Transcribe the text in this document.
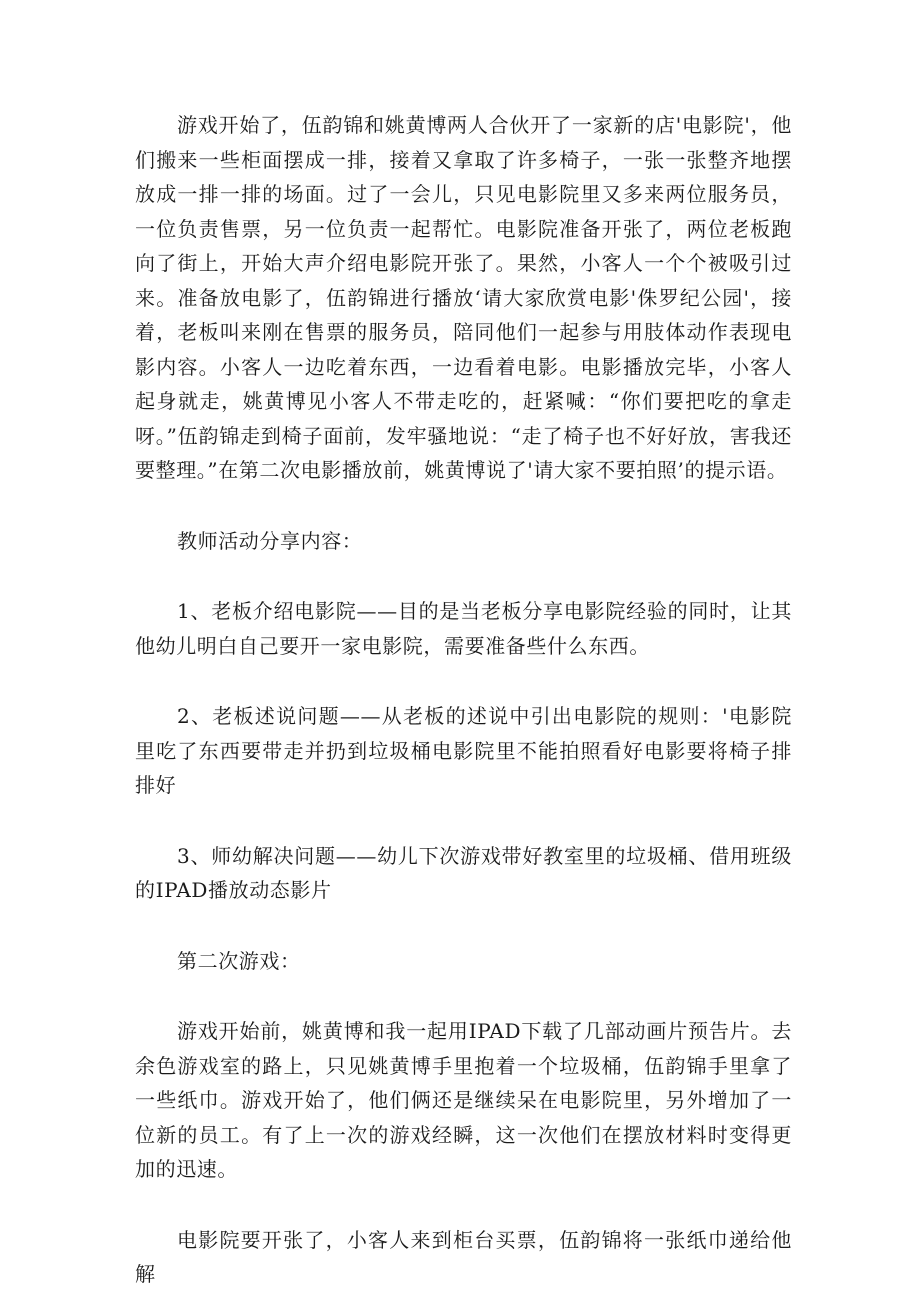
游戏开始了，伍韵锦和姚黄博两人合伙开了一家新的店'电影院'，他们搬来一些柜面摆成一排，接着又拿取了许多椅子，一张一张整齐地摆放成一排一排的场面。过了一会儿，只见电影院里又多来两位服务员，一位负责售票，另一位负责一起帮忙。电影院准备开张了，两位老板跑向了街上，开始大声介绍电影院开张了。果然，小客人一个个被吸引过来。准备放电影了，伍韵锦进行播放‘请大家欣赏电影'侏罗纪公园'，接着，老板叫来刚在售票的服务员，陪同他们一起参与用肢体动作表现电影内容。小客人一边吃着东西，一边看着电影。电影播放完毕，小客人起身就走，姚黄博见小客人不带走吃的，赶紧喊：“你们要把吃的拿走呀。”伍韵锦走到椅子面前，发牢骚地说：“走了椅子也不好好放，害我还要整理。”在第二次电影播放前，姚黄博说了'请大家不要拍照’的提示语。

教师活动分享内容：

1、老板介绍电影院——目的是当老板分享电影院经验的同时，让其他幼儿明白自己要开一家电影院，需要准备些什么东西。

2、老板述说问题——从老板的述说中引出电影院的规则：'电影院里吃了东西要带走并扔到垃圾桶电影院里不能拍照看好电影要将椅子排排好

3、师幼解决问题——幼儿下次游戏带好教室里的垃圾桶、借用班级的IPAD播放动态影片

第二次游戏：

游戏开始前，姚黄博和我一起用IPAD下载了几部动画片预告片。去余色游戏室的路上，只见姚黄博手里抱着一个垃圾桶，伍韵锦手里拿了一些纸巾。游戏开始了，他们俩还是继续呆在电影院里，另外增加了一位新的员工。有了上一次的游戏经瞬，这一次他们在摆放材料时变得更加的迅速。

电影院要开张了，小客人来到柜台买票，伍韵锦将一张纸巾递给他解
